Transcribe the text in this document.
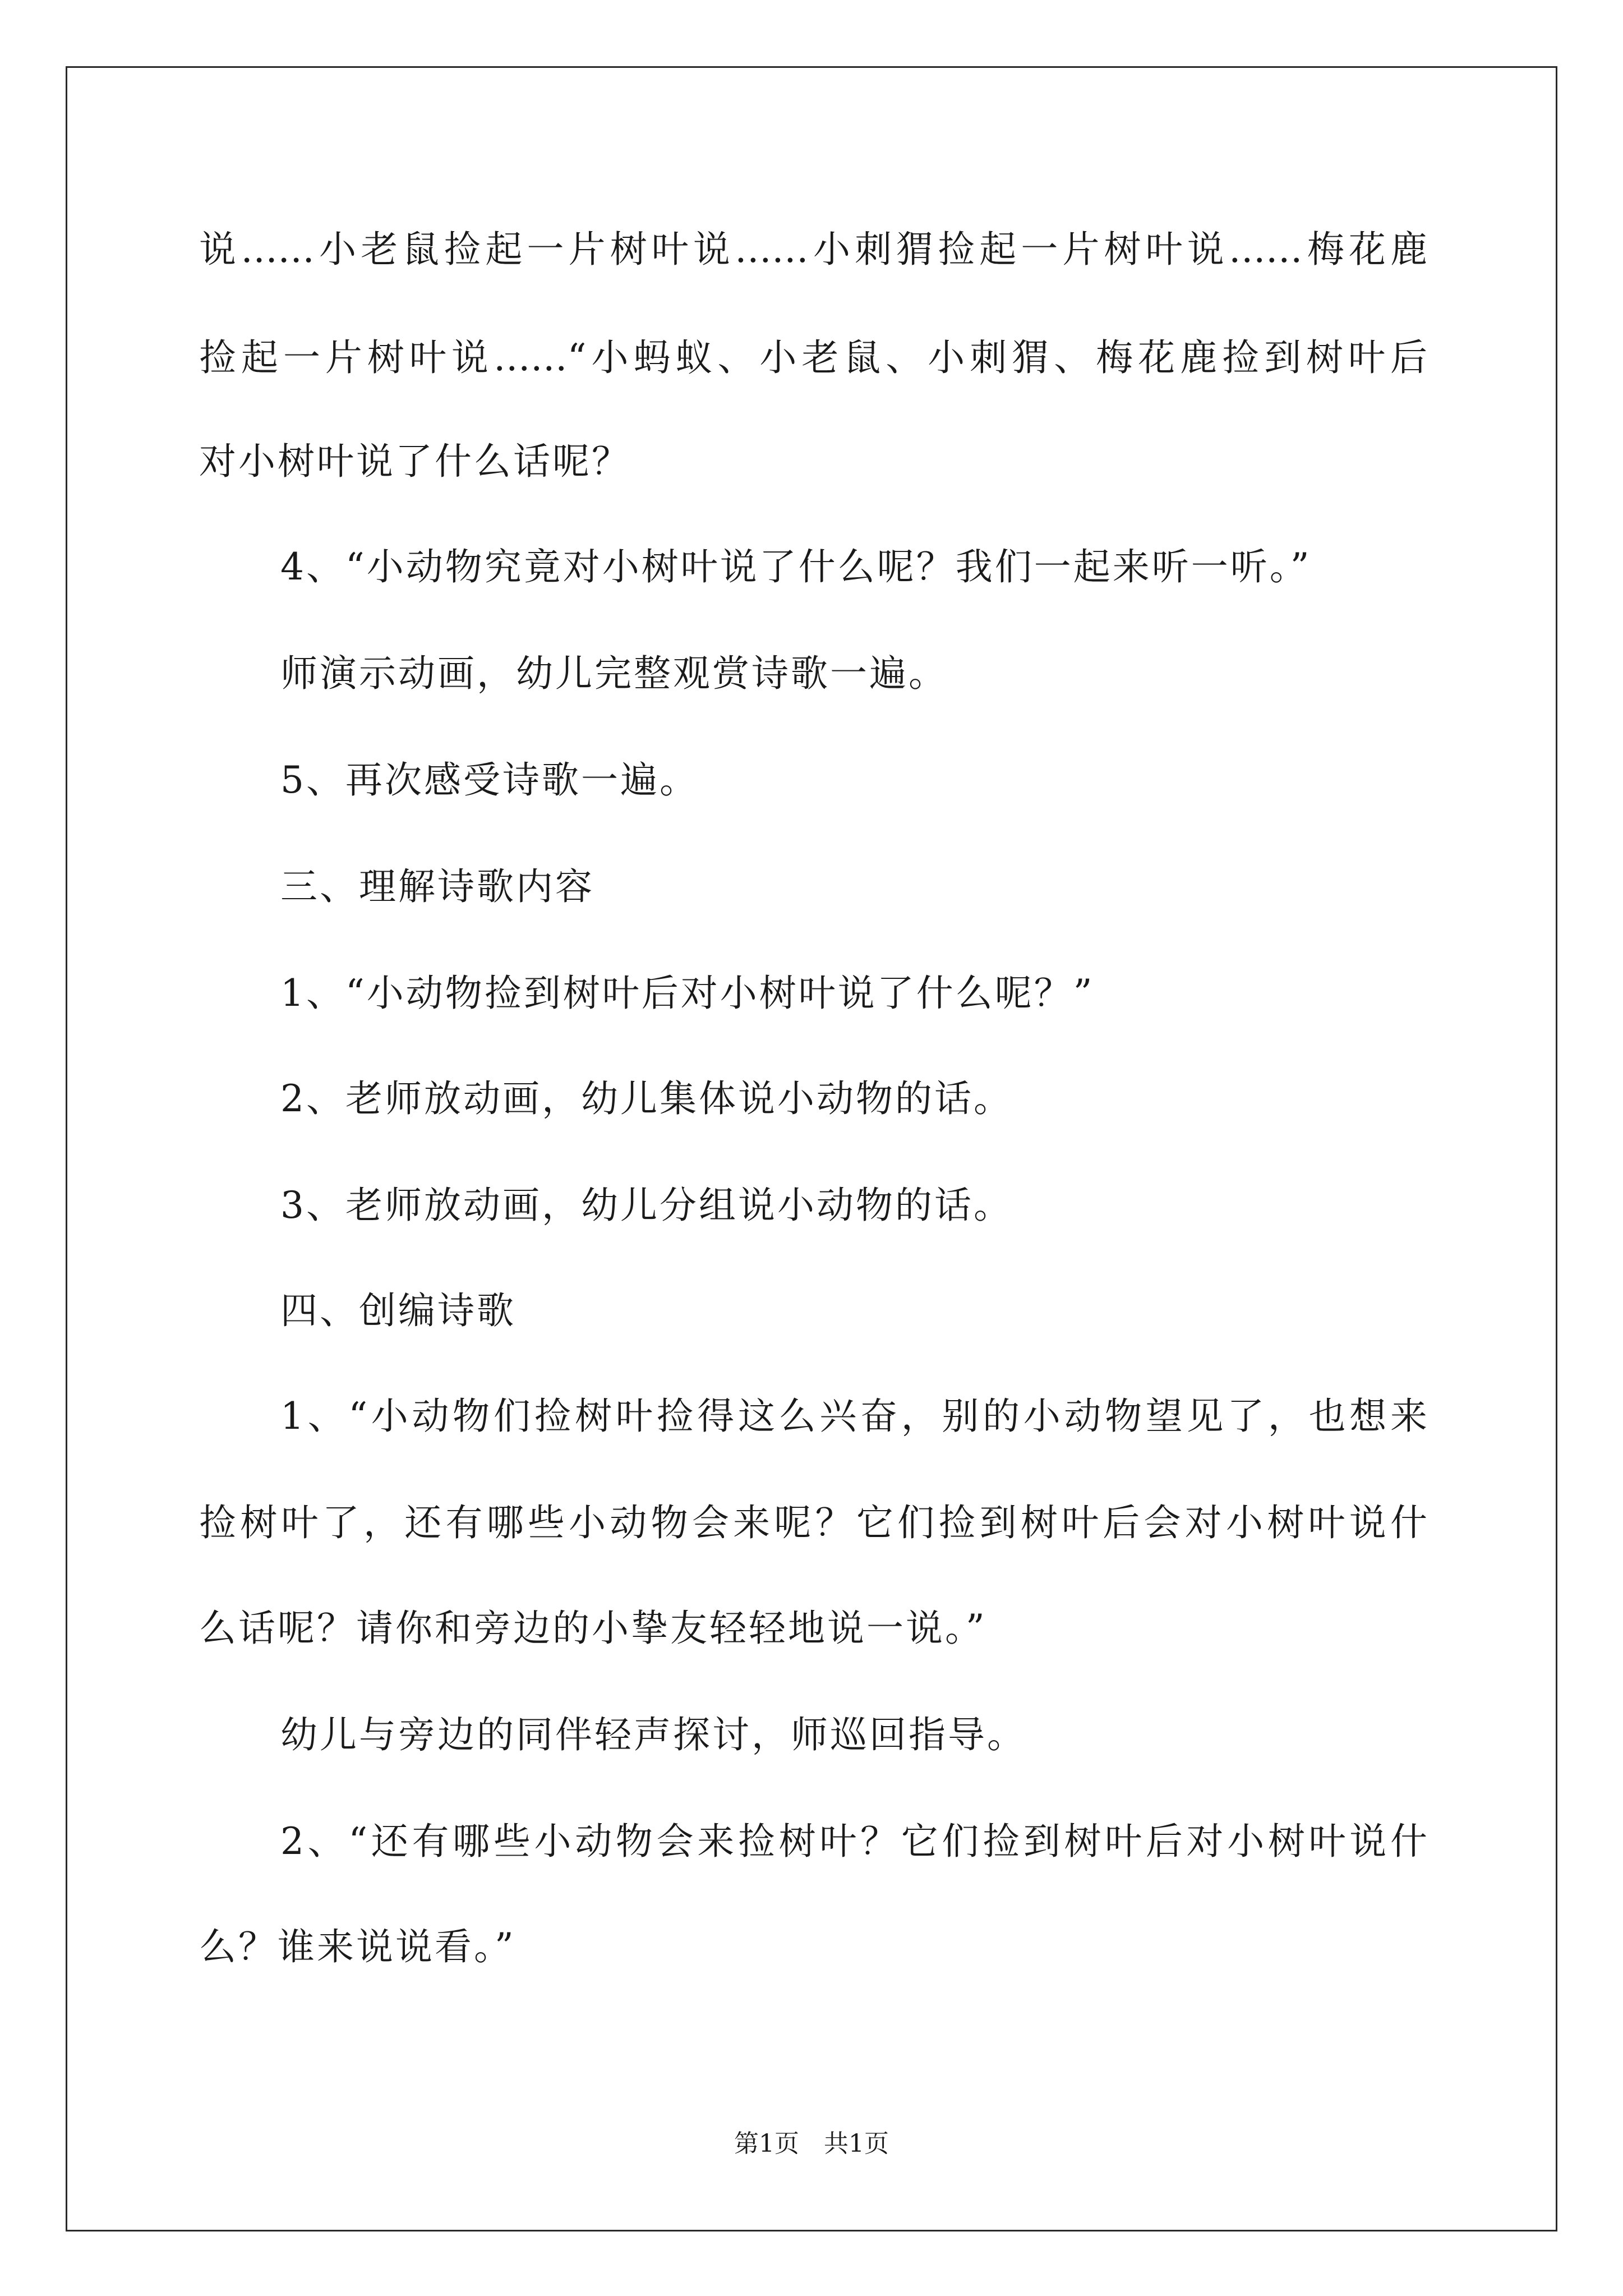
说……小老鼠捡起一片树叶说……小刺猬捡起一片树叶说……梅花鹿
捡起一片树叶说……“小蚂蚁、小老鼠、小刺猬、梅花鹿捡到树叶后
对小树叶说了什么话呢？
4、“小动物究竟对小树叶说了什么呢？我们一起来听一听。”
师演示动画，幼儿完整观赏诗歌一遍。
5、再次感受诗歌一遍。
三、理解诗歌内容
1、“小动物捡到树叶后对小树叶说了什么呢？”
2、老师放动画，幼儿集体说小动物的话。
3、老师放动画，幼儿分组说小动物的话。
四、创编诗歌
1、“小动物们捡树叶捡得这么兴奋，别的小动物望见了，也想来
捡树叶了，还有哪些小动物会来呢？它们捡到树叶后会对小树叶说什
么话呢？请你和旁边的小挚友轻轻地说一说。”
幼儿与旁边的同伴轻声探讨，师巡回指导。
2、“还有哪些小动物会来捡树叶？它们捡到树叶后对小树叶说什
么？谁来说说看。”
第1页　共1页
